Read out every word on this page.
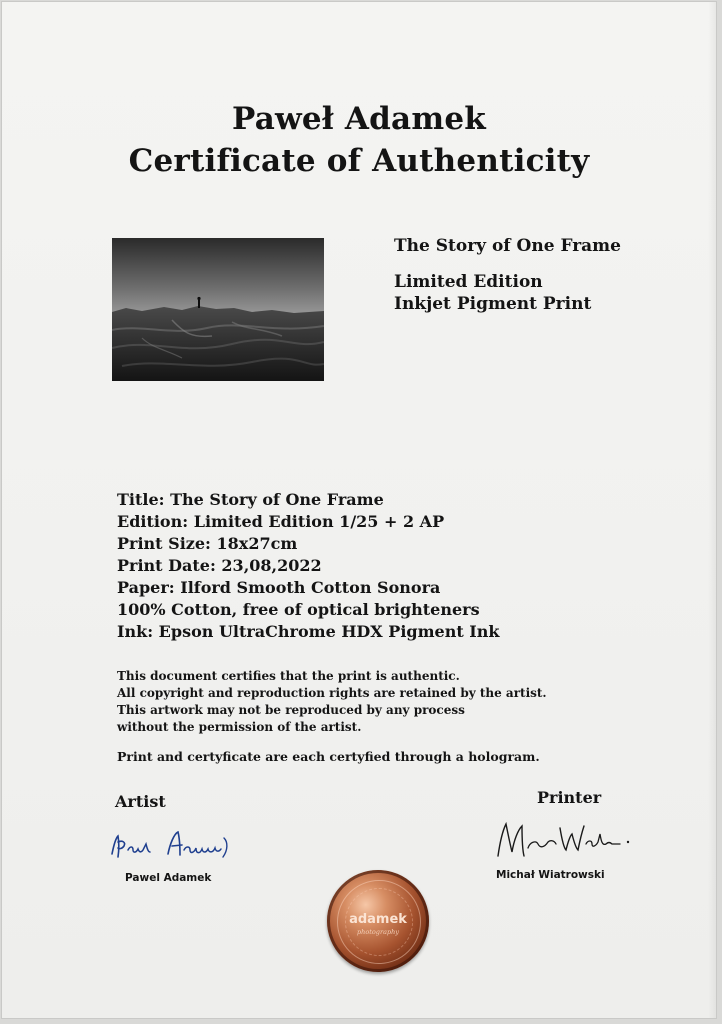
Paweł Adamek
Certificate of Authenticity
The Story of One Frame
Limited Edition
Inkjet Pigment Print
Title: The Story of One Frame
Edition: Limited Edition 1/25 + 2 AP
Print Size: 18x27cm
Print Date: 23,08,2022
Paper: Ilford Smooth Cotton Sonora
100% Cotton, free of optical brighteners
Ink: Epson UltraChrome HDX Pigment Ink
This document certifies that the print is authentic.
All copyright and reproduction rights are retained by the artist.
This artwork may not be reproduced by any process
without the permission of the artist.
Print and certyficate are each certyfied through a hologram.
Artist	Printer
Pawel Adamek	Michał Wiatrowski
adamek
photography
